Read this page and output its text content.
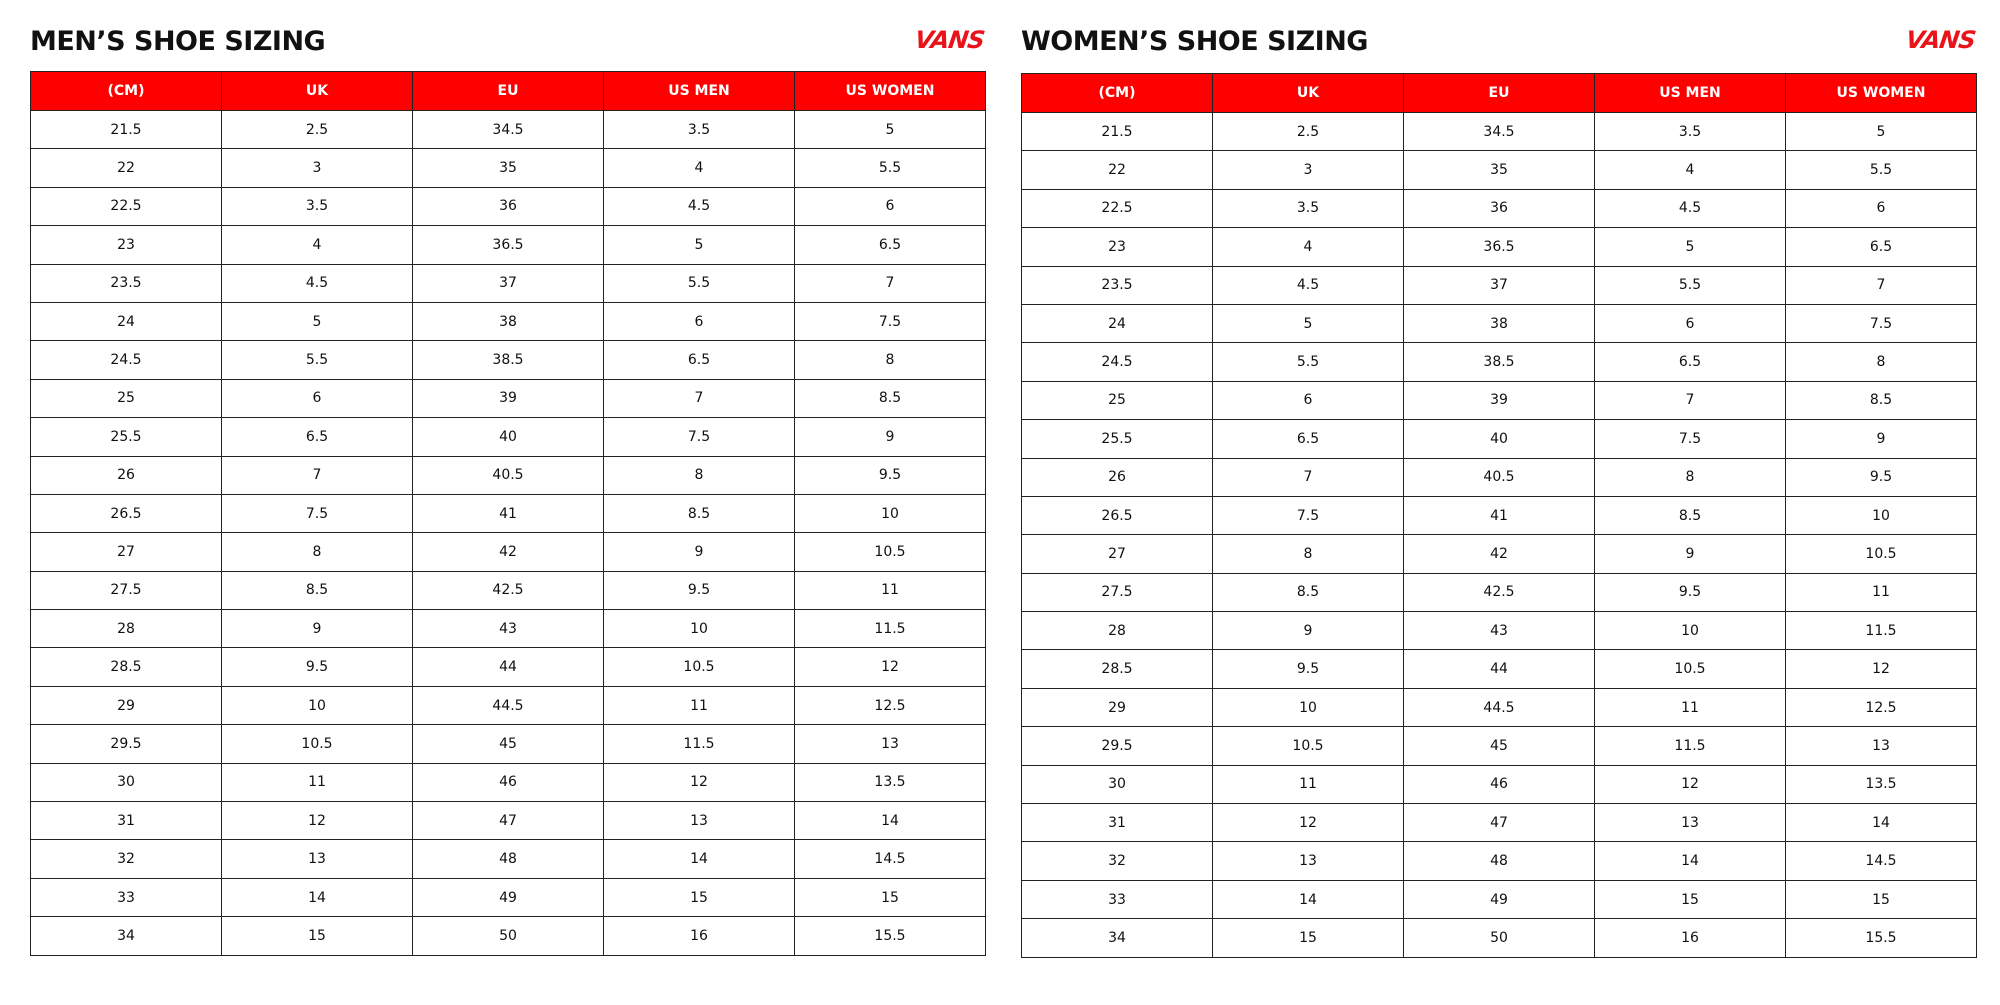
MEN’S SHOE SIZING	VANS
(CM)	UK	EU	US MEN	US WOMEN
21.5	2.5	34.5	3.5	5
22	3	35	4	5.5
22.5	3.5	36	4.5	6
23	4	36.5	5	6.5
23.5	4.5	37	5.5	7
24	5	38	6	7.5
24.5	5.5	38.5	6.5	8
25	6	39	7	8.5
25.5	6.5	40	7.5	9
26	7	40.5	8	9.5
26.5	7.5	41	8.5	10
27	8	42	9	10.5
27.5	8.5	42.5	9.5	11
28	9	43	10	11.5
28.5	9.5	44	10.5	12
29	10	44.5	11	12.5
29.5	10.5	45	11.5	13
30	11	46	12	13.5
31	12	47	13	14
32	13	48	14	14.5
33	14	49	15	15
34	15	50	16	15.5
WOMEN’S SHOE SIZING	VANS
(CM)	UK	EU	US MEN	US WOMEN
21.5	2.5	34.5	3.5	5
22	3	35	4	5.5
22.5	3.5	36	4.5	6
23	4	36.5	5	6.5
23.5	4.5	37	5.5	7
24	5	38	6	7.5
24.5	5.5	38.5	6.5	8
25	6	39	7	8.5
25.5	6.5	40	7.5	9
26	7	40.5	8	9.5
26.5	7.5	41	8.5	10
27	8	42	9	10.5
27.5	8.5	42.5	9.5	11
28	9	43	10	11.5
28.5	9.5	44	10.5	12
29	10	44.5	11	12.5
29.5	10.5	45	11.5	13
30	11	46	12	13.5
31	12	47	13	14
32	13	48	14	14.5
33	14	49	15	15
34	15	50	16	15.5
